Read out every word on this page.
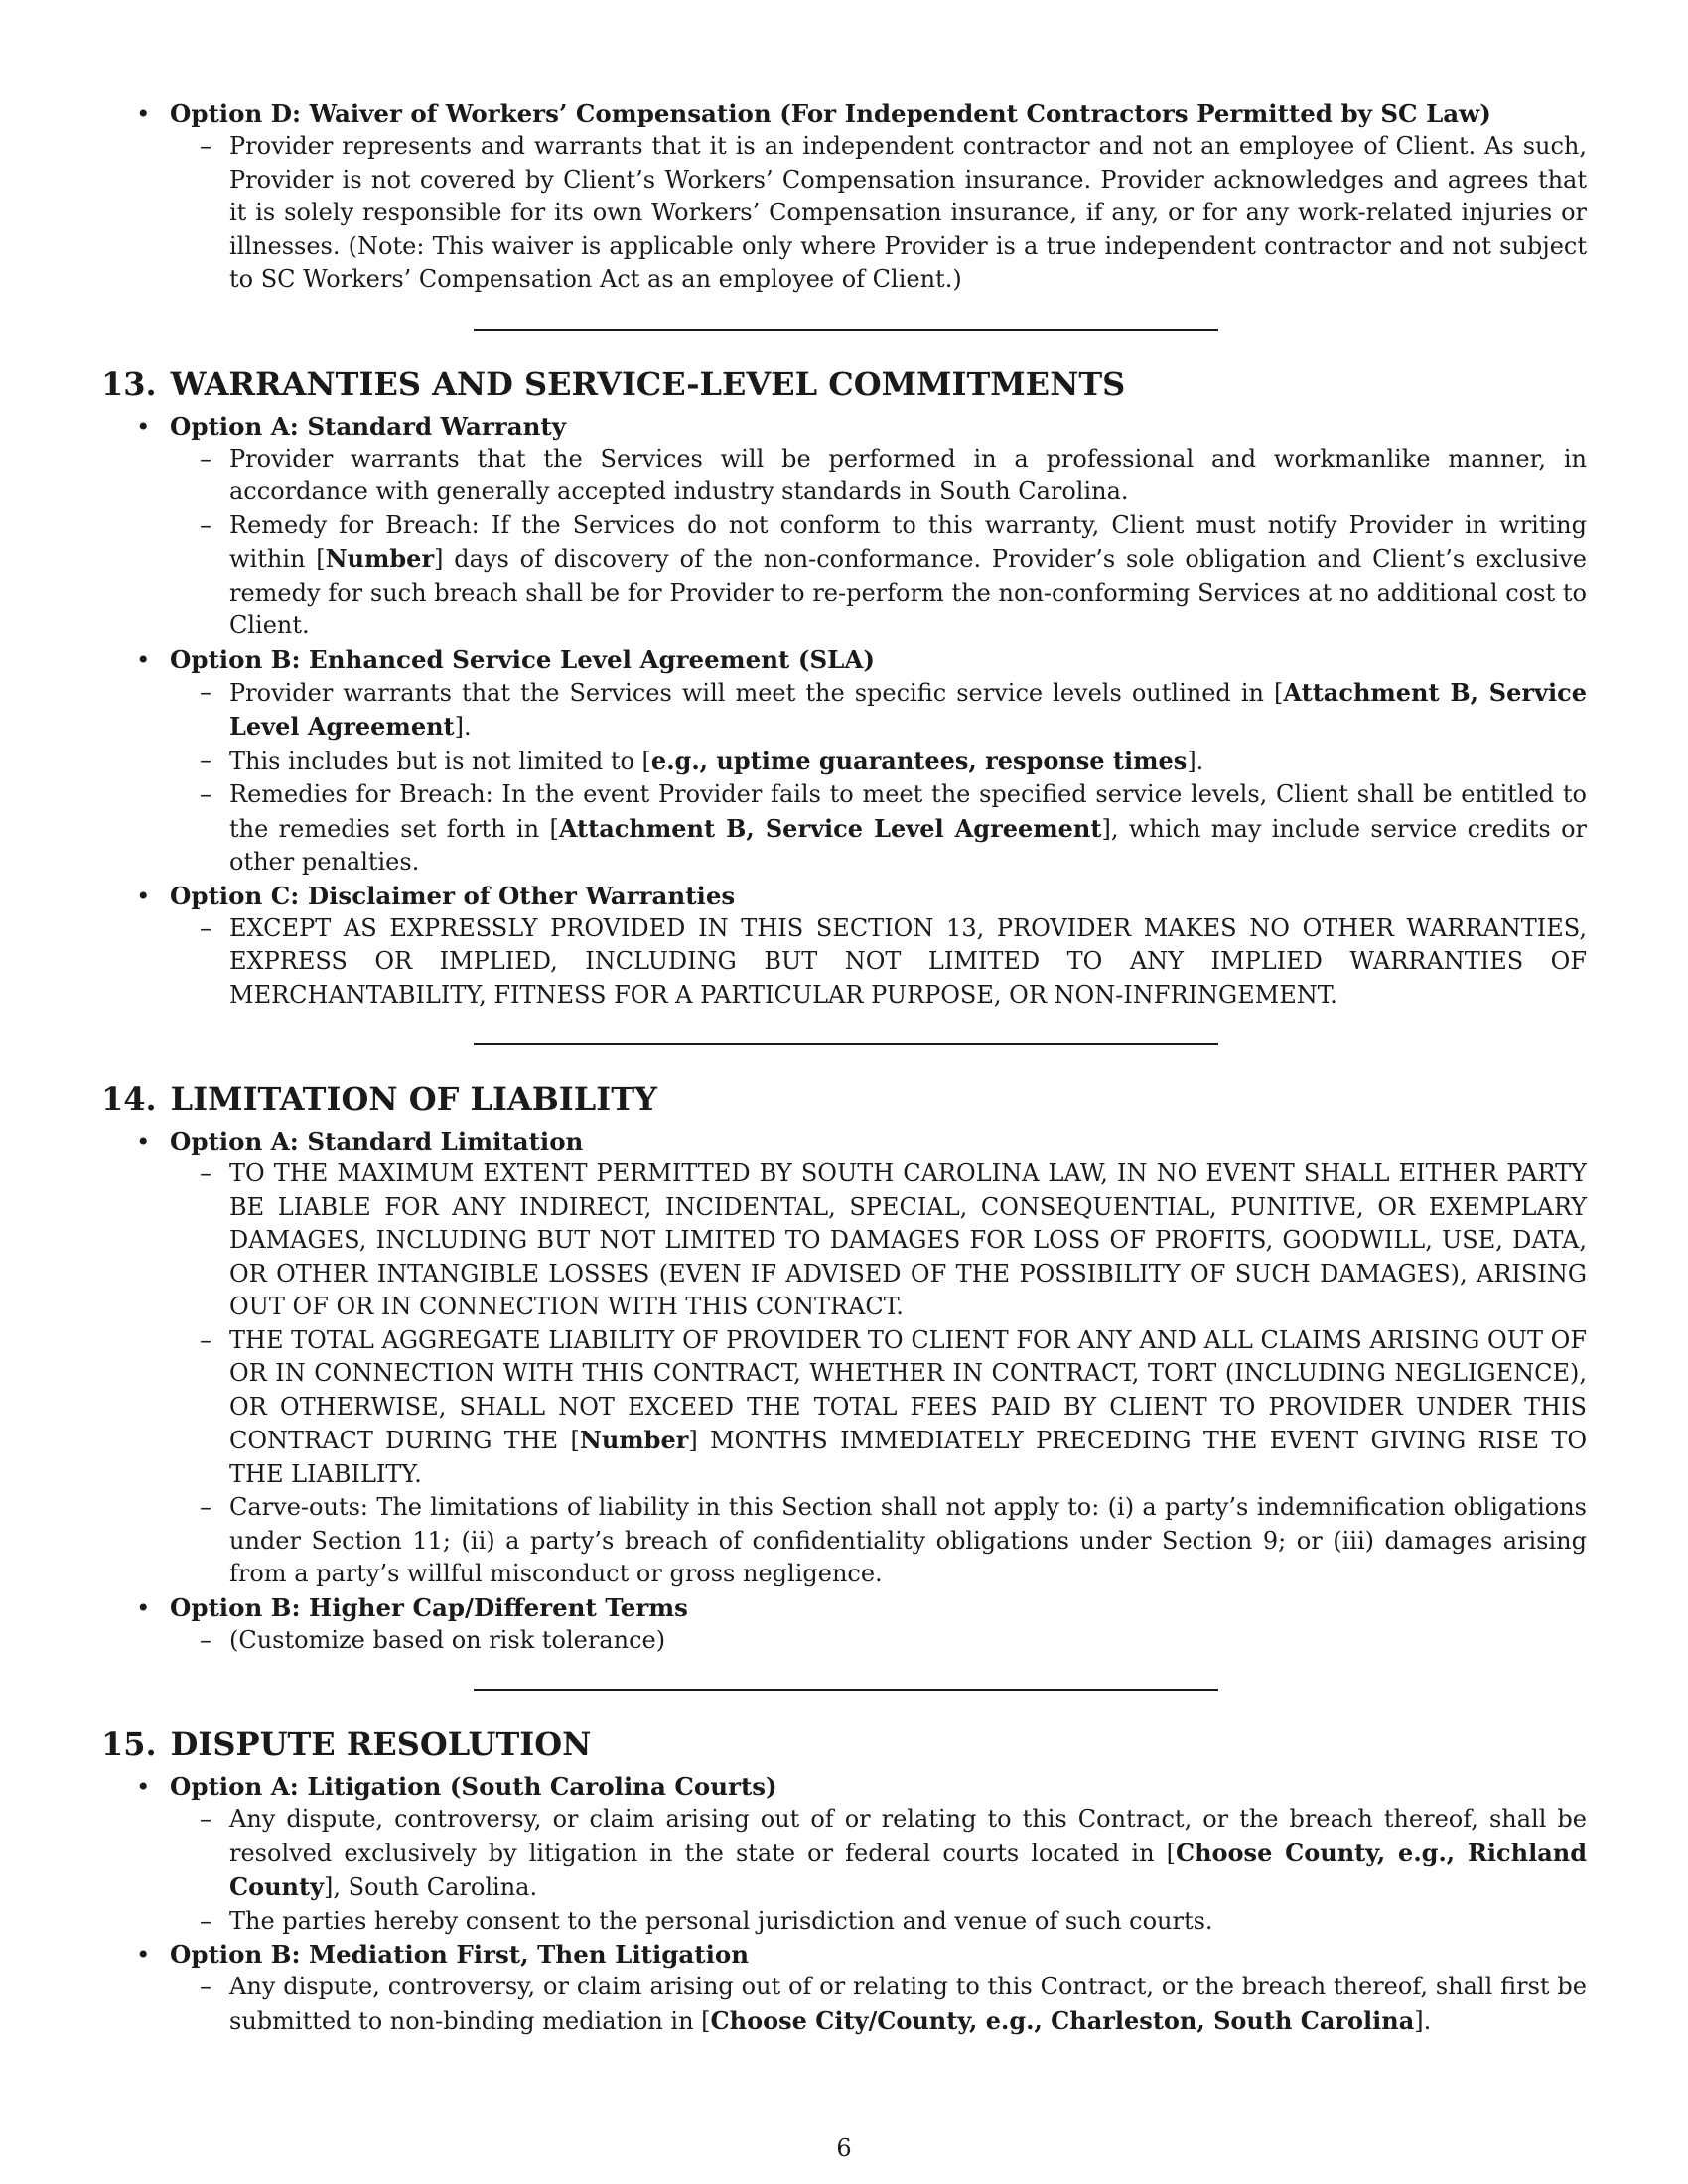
• Option D: Waiver of Workers’ Compensation (For Independent Contractors Permitted by SC Law)
– Provider represents and warrants that it is an independent contractor and not an employee of Client. As such, Provider is not covered by Client’s Workers’ Compensation insurance. Provider acknowledges and agrees that it is solely responsible for its own Workers’ Compensation insurance, if any, or for any work-related injuries or illnesses. (Note: This waiver is applicable only where Provider is a true independent contractor and not subject to SC Workers’ Compensation Act as an employee of Client.)
13. WARRANTIES AND SERVICE-LEVEL COMMITMENTS
• Option A: Standard Warranty
– Provider warrants that the Services will be performed in a professional and workmanlike manner, in accordance with generally accepted industry standards in South Carolina.
– Remedy for Breach: If the Services do not conform to this warranty, Client must notify Provider in writing within [Number] days of discovery of the non-conformance. Provider’s sole obligation and Client’s exclusive remedy for such breach shall be for Provider to re-perform the non-conforming Services at no additional cost to Client.
• Option B: Enhanced Service Level Agreement (SLA)
– Provider warrants that the Services will meet the specific service levels outlined in [Attachment B, Service Level Agreement].
– This includes but is not limited to [e.g., uptime guarantees, response times].
– Remedies for Breach: In the event Provider fails to meet the specified service levels, Client shall be entitled to the remedies set forth in [Attachment B, Service Level Agreement], which may include service credits or other penalties.
• Option C: Disclaimer of Other Warranties
– EXCEPT AS EXPRESSLY PROVIDED IN THIS SECTION 13, PROVIDER MAKES NO OTHER WARRANTIES, EXPRESS OR IMPLIED, INCLUDING BUT NOT LIMITED TO ANY IMPLIED WARRANTIES OF MERCHANTABILITY, FITNESS FOR A PARTICULAR PURPOSE, OR NON-INFRINGEMENT.
14. LIMITATION OF LIABILITY
• Option A: Standard Limitation
– TO THE MAXIMUM EXTENT PERMITTED BY SOUTH CAROLINA LAW, IN NO EVENT SHALL EITHER PARTY BE LIABLE FOR ANY INDIRECT, INCIDENTAL, SPECIAL, CONSEQUENTIAL, PUNITIVE, OR EXEMPLARY DAMAGES, INCLUDING BUT NOT LIMITED TO DAMAGES FOR LOSS OF PROFITS, GOODWILL, USE, DATA, OR OTHER INTANGIBLE LOSSES (EVEN IF ADVISED OF THE POSSIBILITY OF SUCH DAMAGES), ARISING OUT OF OR IN CONNECTION WITH THIS CONTRACT.
– THE TOTAL AGGREGATE LIABILITY OF PROVIDER TO CLIENT FOR ANY AND ALL CLAIMS ARISING OUT OF OR IN CONNECTION WITH THIS CONTRACT, WHETHER IN CONTRACT, TORT (INCLUDING NEGLIGENCE), OR OTHERWISE, SHALL NOT EXCEED THE TOTAL FEES PAID BY CLIENT TO PROVIDER UNDER THIS CONTRACT DURING THE [Number] MONTHS IMMEDIATELY PRECEDING THE EVENT GIVING RISE TO THE LIABILITY.
– Carve-outs: The limitations of liability in this Section shall not apply to: (i) a party’s indemnification obligations under Section 11; (ii) a party’s breach of confidentiality obligations under Section 9; or (iii) damages arising from a party’s willful misconduct or gross negligence.
• Option B: Higher Cap/Different Terms
– (Customize based on risk tolerance)
15. DISPUTE RESOLUTION
• Option A: Litigation (South Carolina Courts)
– Any dispute, controversy, or claim arising out of or relating to this Contract, or the breach thereof, shall be resolved exclusively by litigation in the state or federal courts located in [Choose County, e.g., Richland County], South Carolina.
– The parties hereby consent to the personal jurisdiction and venue of such courts.
• Option B: Mediation First, Then Litigation
– Any dispute, controversy, or claim arising out of or relating to this Contract, or the breach thereof, shall first be submitted to non-binding mediation in [Choose City/County, e.g., Charleston, South Carolina].
6
